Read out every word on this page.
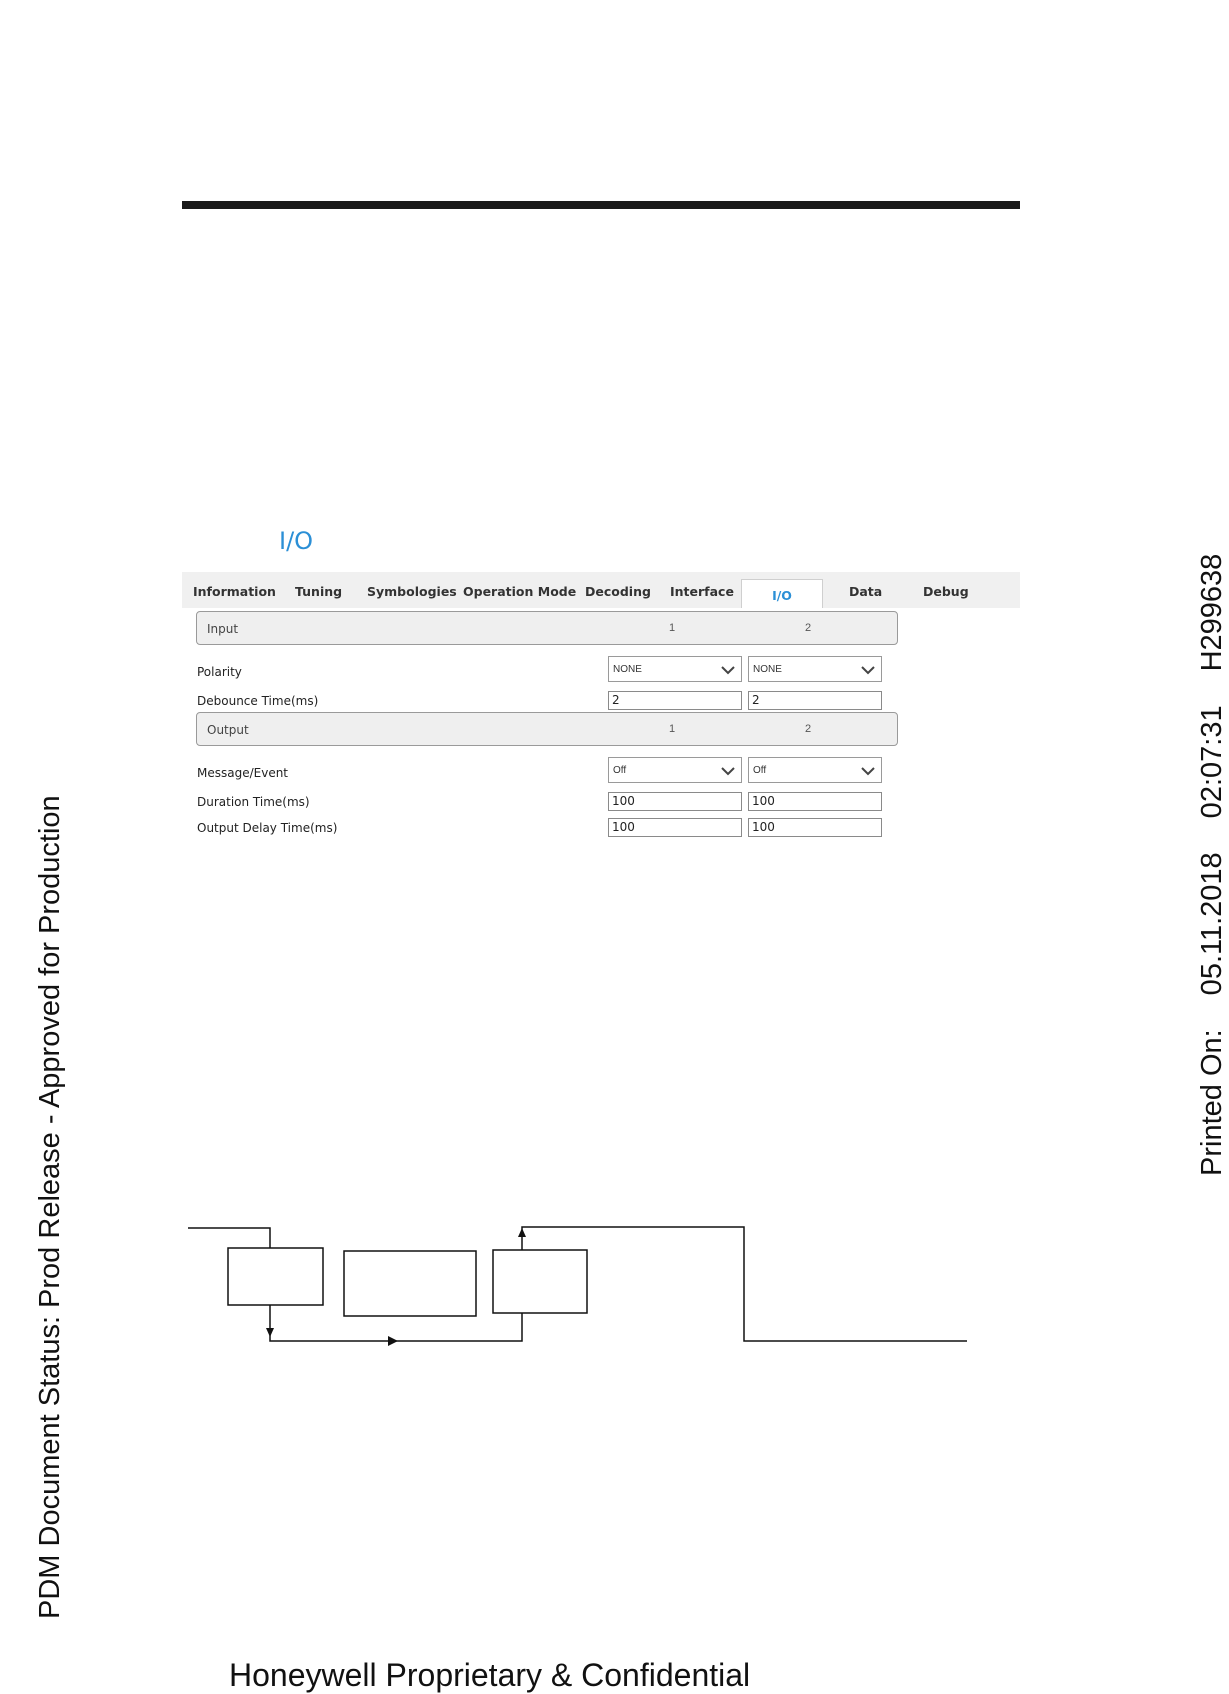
I/O
Information Tuning Symbologies Operation Mode Decoding Interface	I/O	Data	Debug
Input	1	2
Polarity	NONE	NONE
Debounce Time(ms)	2	2
Output	1	2
Message/Event	Off	Off
Duration Time(ms)	100	100
Output Delay Time(ms)	100	100
PDM Document Status: Prod Release - Approved for Production	Printed On:05.11.201802:07:31H299638
Honeywell Proprietary & Confidential
